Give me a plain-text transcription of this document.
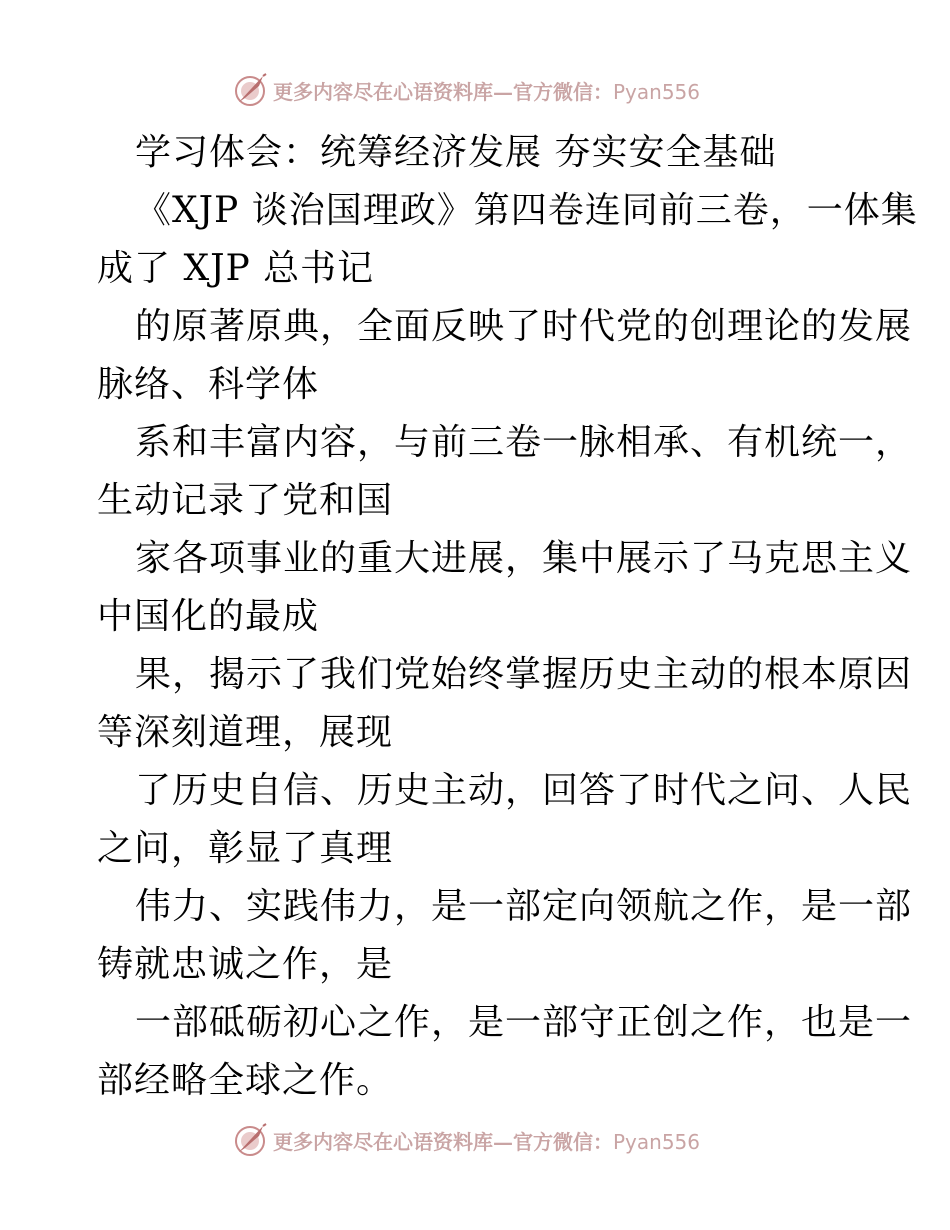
更多内容尽在心语资料库—官方微信：Pyan556
学习体会：统筹经济发展 夯实安全基础
《XJP 谈治国理政》第四卷连同前三卷，一体集
成了 XJP 总书记
的原著原典，全面反映了时代党的创理论的发展
脉络、科学体
系和丰富内容，与前三卷一脉相承、有机统一，
生动记录了党和国
家各项事业的重大进展，集中展示了马克思主义
中国化的最成
果，揭示了我们党始终掌握历史主动的根本原因
等深刻道理，展现
了历史自信、历史主动，回答了时代之问、人民
之问，彰显了真理
伟力、实践伟力，是一部定向领航之作，是一部
铸就忠诚之作，是
一部砥砺初心之作，是一部守正创之作，也是一
部经略全球之作。
更多内容尽在心语资料库—官方微信：Pyan556
